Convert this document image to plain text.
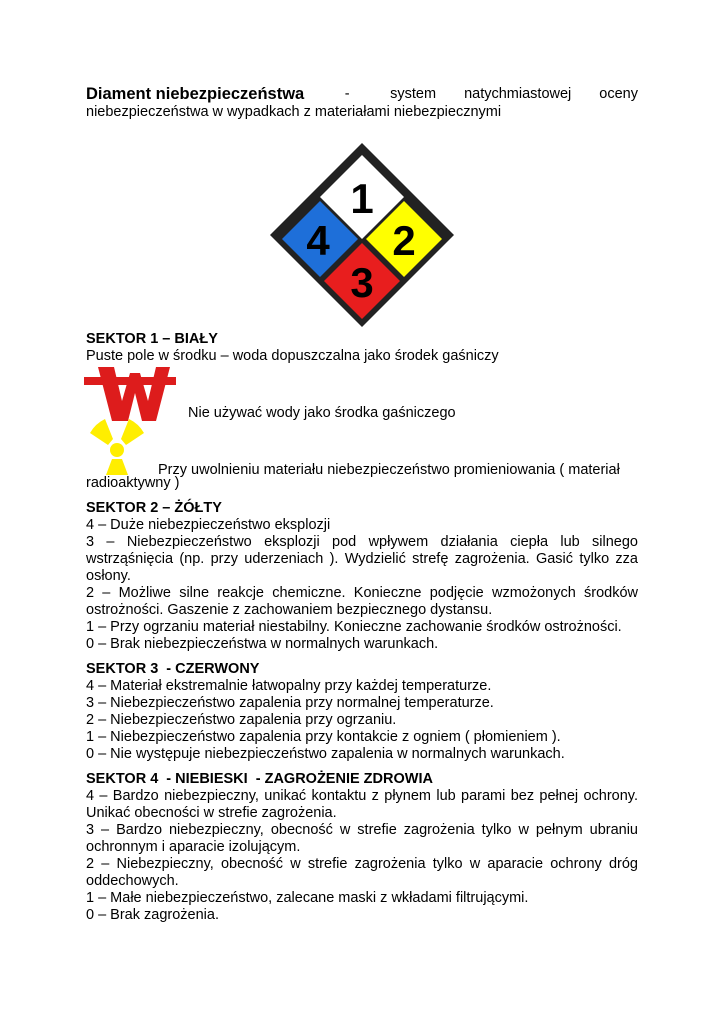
Diament niebezpieczeństwa	-	system natychmiastowej oceny

niebezpieczeństwa w wypadkach z materiałami niebezpiecznymi

1
4 2
3

SEKTOR 1 – BIAŁY

Puste pole w środku – woda dopuszczalna jako środek gaśniczy

Nie używać wody jako środka gaśniczego
Przy uwolnieniu materiału niebezpieczeństwo promieniowania ( materiał

radioaktywny )

SEKTOR 2 – ŻÓŁTY

4 – Duże niebezpieczeństwo eksplozji

3 – Niebezpieczeństwo eksplozji pod wpływem działania ciepła lub silnego wstrząśnięcia (np. przy uderzeniach ). Wydzielić strefę zagrożenia. Gasić tylko zza osłony.

2 – Możliwe silne reakcje chemiczne. Konieczne podjęcie wzmożonych środków ostrożności. Gaszenie z zachowaniem bezpiecznego dystansu.

1 – Przy ogrzaniu materiał niestabilny. Konieczne zachowanie środków ostrożności.

0 – Brak niebezpieczeństwa w normalnych warunkach.

SEKTOR 3  - CZERWONY

4 – Materiał ekstremalnie łatwopalny przy każdej temperaturze.

3 – Niebezpieczeństwo zapalenia przy normalnej temperaturze.

2 – Niebezpieczeństwo zapalenia przy ogrzaniu.

1 – Niebezpieczeństwo zapalenia przy kontakcie z ogniem ( płomieniem ).

0 – Nie występuje niebezpieczeństwo zapalenia w normalnych warunkach.

SEKTOR 4  - NIEBIESKI  - ZAGROŻENIE ZDROWIA

4 – Bardzo niebezpieczny, unikać kontaktu z płynem lub parami bez pełnej ochrony. Unikać obecności w strefie zagrożenia.

3 – Bardzo niebezpieczny, obecność w strefie zagrożenia tylko w pełnym ubraniu ochronnym i aparacie izolującym.

2 – Niebezpieczny, obecność w strefie zagrożenia tylko w aparacie ochrony dróg oddechowych.

1 – Małe niebezpieczeństwo, zalecane maski z wkładami filtrującymi.

0 – Brak zagrożenia.
